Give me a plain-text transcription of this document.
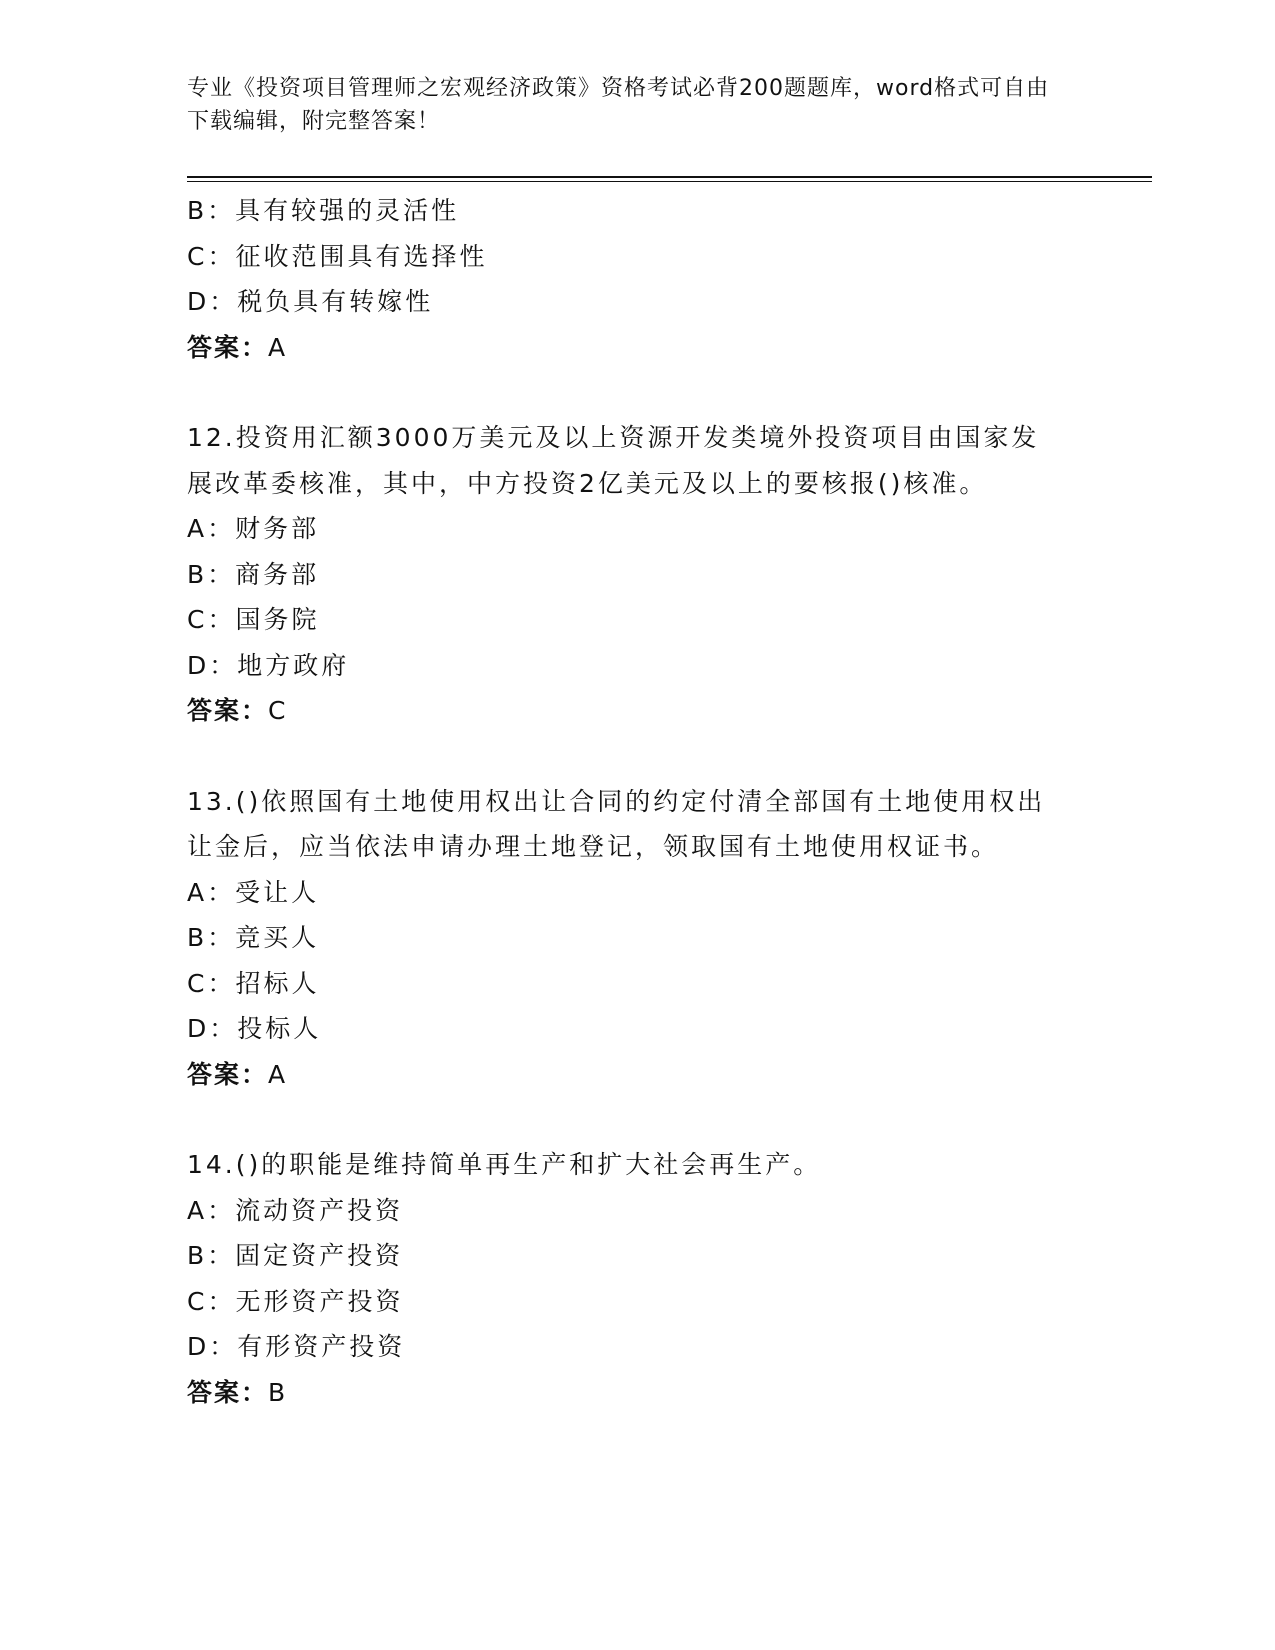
专业《投资项目管理师之宏观经济政策》资格考试必背200题题库，word格式可自由下载编辑，附完整答案！
B：具有较强的灵活性
C：征收范围具有选择性
D：税负具有转嫁性
答案：A
12.投资用汇额3000万美元及以上资源开发类境外投资项目由国家发展改革委核准，其中，中方投资2亿美元及以上的要核报()核准。
A：财务部
B：商务部
C：国务院
D：地方政府
答案：C
13.()依照国有土地使用权出让合同的约定付清全部国有土地使用权出让金后，应当依法申请办理土地登记，领取国有土地使用权证书。
A：受让人
B：竞买人
C：招标人
D：投标人
答案：A
14.()的职能是维持简单再生产和扩大社会再生产。
A：流动资产投资
B：固定资产投资
C：无形资产投资
D：有形资产投资
答案：B
